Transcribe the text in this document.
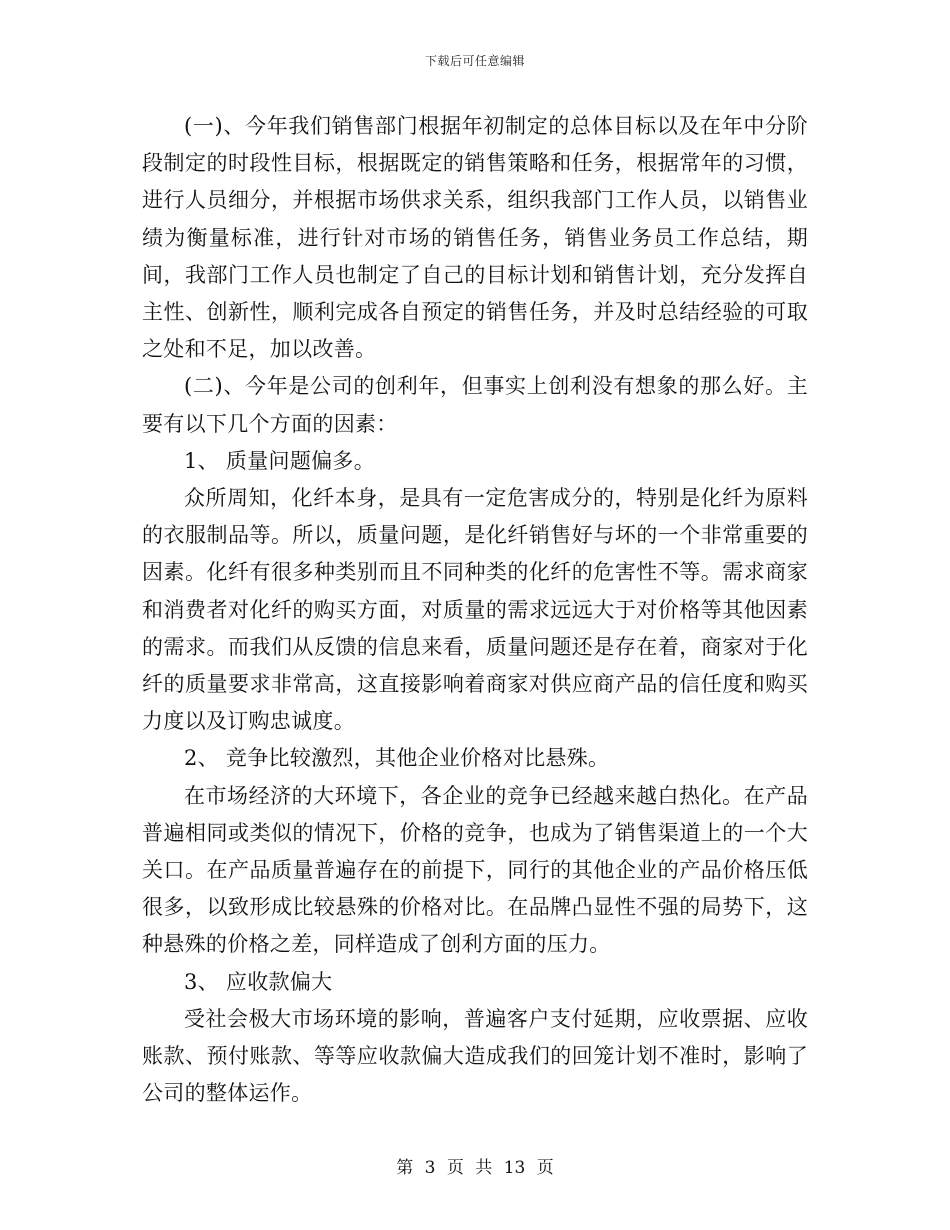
下载后可任意编辑

(一)、今年我们销售部门根据年初制定的总体目标以及在年中分阶段制定的时段性目标，根据既定的销售策略和任务，根据常年的习惯，进行人员细分，并根据市场供求关系，组织我部门工作人员，以销售业绩为衡量标准，进行针对市场的销售任务，销售业务员工作总结，期间，我部门工作人员也制定了自己的目标计划和销售计划，充分发挥自主性、创新性，顺利完成各自预定的销售任务，并及时总结经验的可取之处和不足，加以改善。

(二)、今年是公司的创利年，但事实上创利没有想象的那么好。主要有以下几个方面的因素：

1、 质量问题偏多。

众所周知，化纤本身，是具有一定危害成分的，特别是化纤为原料的衣服制品等。所以，质量问题，是化纤销售好与坏的一个非常重要的因素。化纤有很多种类别而且不同种类的化纤的危害性不等。需求商家和消费者对化纤的购买方面，对质量的需求远远大于对价格等其他因素的需求。而我们从反馈的信息来看，质量问题还是存在着，商家对于化纤的质量要求非常高，这直接影响着商家对供应商产品的信任度和购买力度以及订购忠诚度。

2、 竞争比较激烈，其他企业价格对比悬殊。

在市场经济的大环境下，各企业的竞争已经越来越白热化。在产品普遍相同或类似的情况下，价格的竞争，也成为了销售渠道上的一个大关口。在产品质量普遍存在的前提下，同行的其他企业的产品价格压低很多，以致形成比较悬殊的价格对比。在品牌凸显性不强的局势下，这种悬殊的价格之差，同样造成了创利方面的压力。

3、 应收款偏大

受社会极大市场环境的影响，普遍客户支付延期，应收票据、应收账款、预付账款、等等应收款偏大造成我们的回笼计划不准时，影响了公司的整体运作。

第 3 页 共 13 页
